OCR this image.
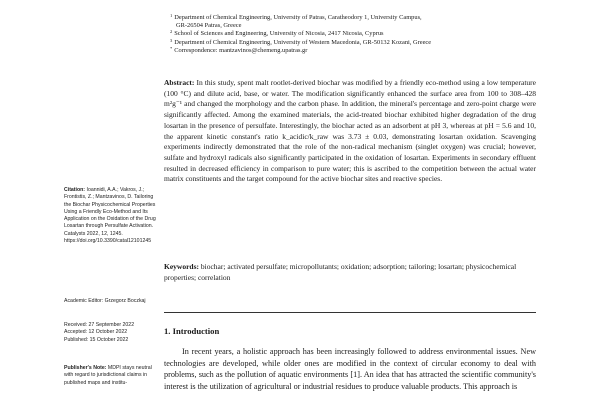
$^1$ Department of Chemical Engineering, University of Patras, Caratheodory 1, University Campus,
GR-26504 Patras, Greece
$^2$ School of Sciences and Engineering, University of Nicosia, 2417 Nicosia, Cyprus
$^3$ Department of Chemical Engineering, University of Western Macedonia, GR-50132 Kozani, Greece
* Correspondence: mantzavinos@chemeng.upatras.gr
Abstract: In this study, spent malt rootlet-derived biochar was modified by a friendly eco-method using a low temperature (100 °C) and dilute acid, base, or water. The modification significantly enhanced the surface area from 100 to 308–428 m²g⁻¹ and changed the morphology and the carbon phase. In addition, the mineral's percentage and zero-point charge were significantly affected. Among the examined materials, the acid-treated biochar exhibited higher degradation of the drug losartan in the presence of persulfate. Interestingly, the biochar acted as an adsorbent at pH 3, whereas at pH = 5.6 and 10, the apparent kinetic constant's ratio k_acidic/k_raw was 3.73 ± 0.03, demonstrating losartan oxidation. Scavenging experiments indirectly demonstrated that the role of the non-radical mechanism (singlet oxygen) was crucial; however, sulfate and hydroxyl radicals also significantly participated in the oxidation of losartan. Experiments in secondary effluent resulted in decreased efficiency in comparison to pure water; this is ascribed to the competition between the actual water matrix constituents and the target compound for the active biochar sites and reactive species.
Keywords: biochar; activated persulfate; micropollutants; oxidation; adsorption; tailoring; losartan; physicochemical properties; correlation
Citation: Ioannidi, A.A.; Vakros, J.; Frontistis, Z.; Mantzavinos, D. Tailoring the Biochar Physicochemical Properties Using a Friendly Eco-Method and Its Application on the Oxidation of the Drug Losartan through Persulfate Activation. Catalysts 2022, 12, 1245. https://doi.org/10.3390/catal12101245
Academic Editor: Grzegorz Boczkaj
Received: 27 September 2022
Accepted: 12 October 2022
Published: 15 October 2022
Publisher's Note: MDPI stays neutral with regard to jurisdictional claims in published maps and institu-
1. Introduction
In recent years, a holistic approach has been increasingly followed to address environmental issues. New technologies are developed, while older ones are modified in the context of circular economy to deal with problems, such as the pollution of aquatic environments [1]. An idea that has attracted the scientific community's interest is the utilization of agricultural or industrial residues to produce valuable products. This approach is
